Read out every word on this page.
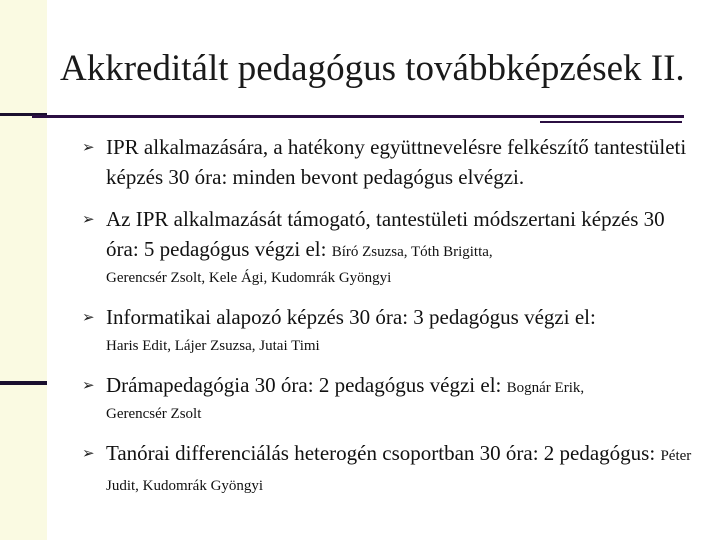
Akkreditált pedagógus továbbképzések II.
➢ IPR alkalmazására, a hatékony együttnevelésre felkészítő tantestületi képzés 30 óra: minden bevont pedagógus elvégzi.
➢ Az IPR alkalmazását támogató, tantestületi módszertani képzés 30 óra: 5 pedagógus végzi el: Bíró Zsuzsa, Tóth Brigitta,
Gerencsér Zsolt, Kele Ági, Kudomrák Gyöngyi
➢ Informatikai alapozó képzés 30 óra: 3 pedagógus végzi el:
Haris Edit, Lájer Zsuzsa, Jutai Timi
➢ Drámapedagógia 30 óra: 2 pedagógus végzi el: Bognár Erik,
Gerencsér Zsolt
➢ Tanórai differenciálás heterogén csoportban 30 óra: 2 pedagógus: Péter Judit, Kudomrák Gyöngyi
